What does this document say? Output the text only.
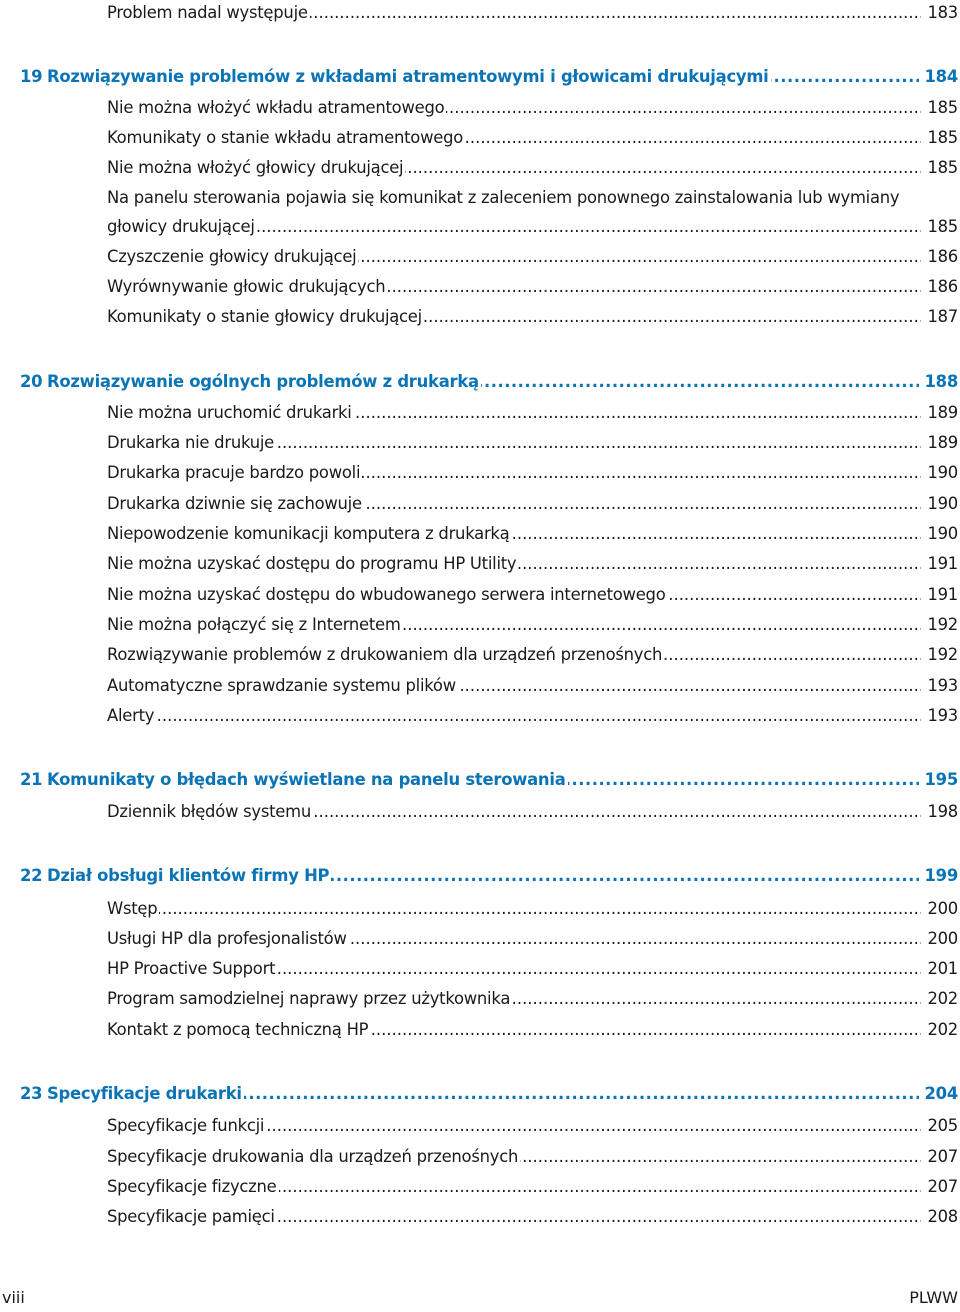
Problem nadal występuje . . .	183
19 Rozwiązywanie problemów z wkładami atramentowymi i głowicami drukującymi . . .	184
Nie można włożyć wkładu atramentowego . . .	185
Komunikaty o stanie wkładu atramentowego . . .	185
Nie można włożyć głowicy drukującej . . .	185
Na panelu sterowania pojawia się komunikat z zaleceniem ponownego zainstalowania lub wymiany
głowicy drukującej . . .	185
Czyszczenie głowicy drukującej . . .	186
Wyrównywanie głowic drukujących . . .	186
Komunikaty o stanie głowicy drukującej . . .	187
20 Rozwiązywanie ogólnych problemów z drukarką . . .	188
Nie można uruchomić drukarki . . .	189
Drukarka nie drukuje . . .	189
Drukarka pracuje bardzo powoli . . .	190
Drukarka dziwnie się zachowuje . . .	190
Niepowodzenie komunikacji komputera z drukarką . . .	190
Nie można uzyskać dostępu do programu HP Utility . . .	191
Nie można uzyskać dostępu do wbudowanego serwera internetowego . . .	191
Nie można połączyć się z Internetem . . .	192
Rozwiązywanie problemów z drukowaniem dla urządzeń przenośnych . . .	192
Automatyczne sprawdzanie systemu plików . . .	193
Alerty . . .	193
21 Komunikaty o błędach wyświetlane na panelu sterowania . . .	195
Dziennik błędów systemu . . .	198
22 Dział obsługi klientów firmy HP . . .	199
Wstęp . . .	200
Usługi HP dla profesjonalistów . . .	200
HP Proactive Support . . .	201
Program samodzielnej naprawy przez użytkownika . . .	202
Kontakt z pomocą techniczną HP . . .	202
23 Specyfikacje drukarki . . .	204
Specyfikacje funkcji . . .	205
Specyfikacje drukowania dla urządzeń przenośnych . . .	207
Specyfikacje fizyczne . . .	207
Specyfikacje pamięci . . .	208
viii	PLWW
